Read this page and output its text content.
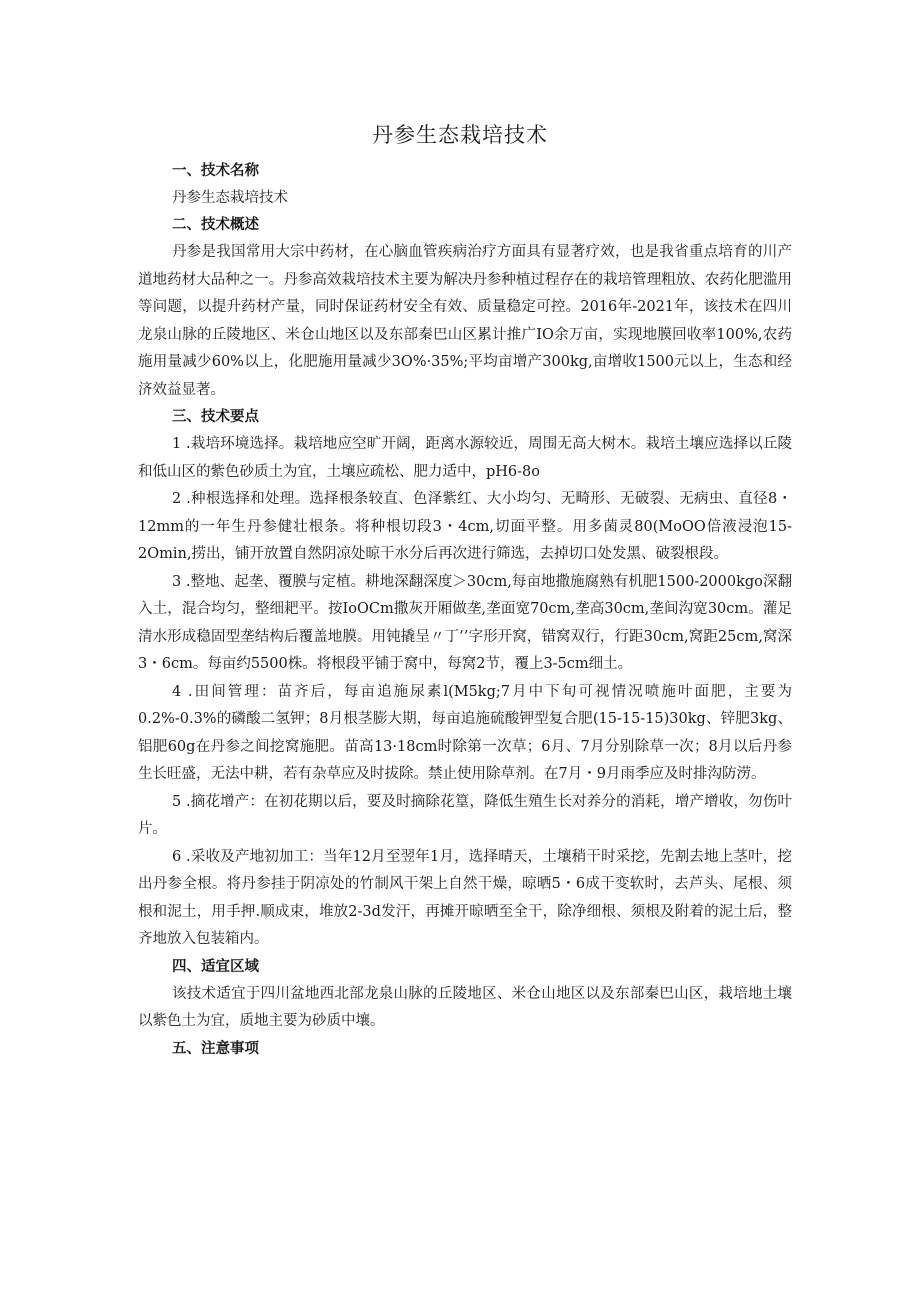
丹参生态栽培技术
一、技术名称

丹参生态栽培技术

二、技术概述

丹参是我国常用大宗中药材，在心脑血管疾病治疗方面具有显著疗效，也是我省重点培育的川产道地药材大品种之一。丹参高效栽培技术主要为解决丹参种植过程存在的栽培管理粗放、农药化肥滥用等问题，以提升药材产量，同时保证药材安全有效、质量稳定可控。2016年-2021年，该技术在四川龙泉山脉的丘陵地区、米仓山地区以及东部秦巴山区累计推广IO余万亩，实现地膜回收率100%,农药施用量减少60%以上，化肥施用量减少3O%·35%;平均亩增产300kg,亩增收1500元以上，生态和经济效益显著。

三、技术要点

1 .栽培环境选择。栽培地应空旷开阔，距离水源较近，周围无高大树木。栽培土壤应选择以丘陵和低山区的紫色砂质土为宜，土壤应疏松、肥力适中，pH6-8o

2 .种根选择和处理。选择根条较直、色泽紫红、大小均匀、无畸形、无破裂、无病虫、直径8・12mm的一年生丹参健壮根条。将种根切段3・4cm,切面平整。用多菌灵80(MoOO倍液浸泡15-2Omin,捞出，铺开放置自然阴凉处晾干水分后再次进行筛选，去掉切口处发黑、破裂根段。

3 .整地、起垄、覆膜与定植。耕地深翻深度＞30cm,每亩地撒施腐熟有机肥1500-2000kgo深翻入土，混合均匀，整细耙平。按IoOCm撒灰开厢做垄,垄面宽70cm,垄高30cm,垄间沟宽30cm。灌足清水形成稳固型垄结构后覆盖地膜。用钝撬呈〃丁’’字形开窝，错窝双行，行距30cm,窝距25cm,窝深3・6cm。每亩约5500株。将根段平铺于窝中，每窝2节，覆上3-5cm细土。

4 .田间管理：苗齐后，每亩追施尿素l(M5kg;7月中下旬可视情况喷施叶面肥，主要为0.2%-0.3%的磷酸二氢钾；8月根茎膨大期，每亩追施硫酸钾型复合肥(15-15-15)30kg、锌肥3kg、铝肥60g在丹参之间挖窝施肥。苗高13·18cm时除第一次草；6月、7月分别除草一次；8月以后丹参生长旺盛，无法中耕，若有杂草应及时拔除。禁止使用除草剂。在7月・9月雨季应及时排沟防涝。

5 .摘花增产：在初花期以后，要及时摘除花篁，降低生殖生长对养分的消耗，增产增收，勿伤叶片。

6 .采收及产地初加工：当年12月至翌年1月，选择晴天，土壤稍干时采挖，先割去地上茎叶，挖出丹参全根。将丹参挂于阴凉处的竹制风干架上自然干燥，晾晒5・6成干变软时，去芦头、尾根、须根和泥土，用手押.顺成束，堆放2-3d发汗，再摊开晾晒至全干，除净细根、须根及附着的泥土后，整齐地放入包装箱内。

四、适宜区域

该技术适宜于四川盆地西北部龙泉山脉的丘陵地区、米仓山地区以及东部秦巴山区，栽培地土壤以紫色土为宜，质地主要为砂质中壤。

五、注意事项
